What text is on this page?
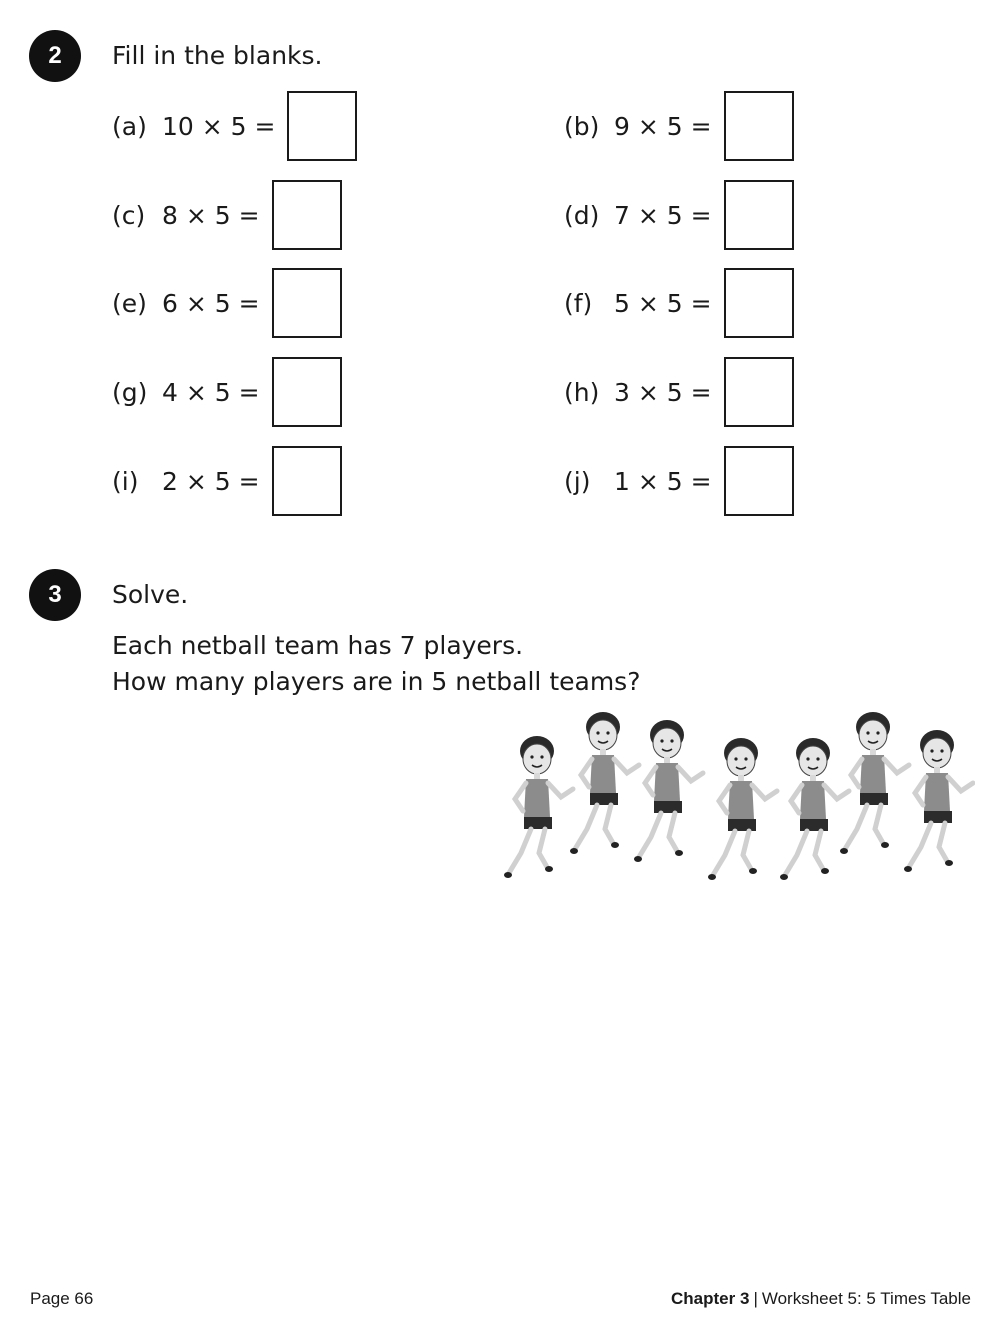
2 Fill in the blanks.
(a) 10 × 5 =	(b) 9 × 5 =
(c) 8 × 5 =	(d) 7 × 5 =
(e) 6 × 5 =	(f) 5 × 5 =
(g) 4 × 5 =	(h) 3 × 5 =
(i) 2 × 5 =	(j) 1 × 5 =
3 Solve.
Each netball team has 7 players.
How many players are in 5 netball teams?
Page 66	Chapter 3 | Worksheet 5: 5 Times Table
